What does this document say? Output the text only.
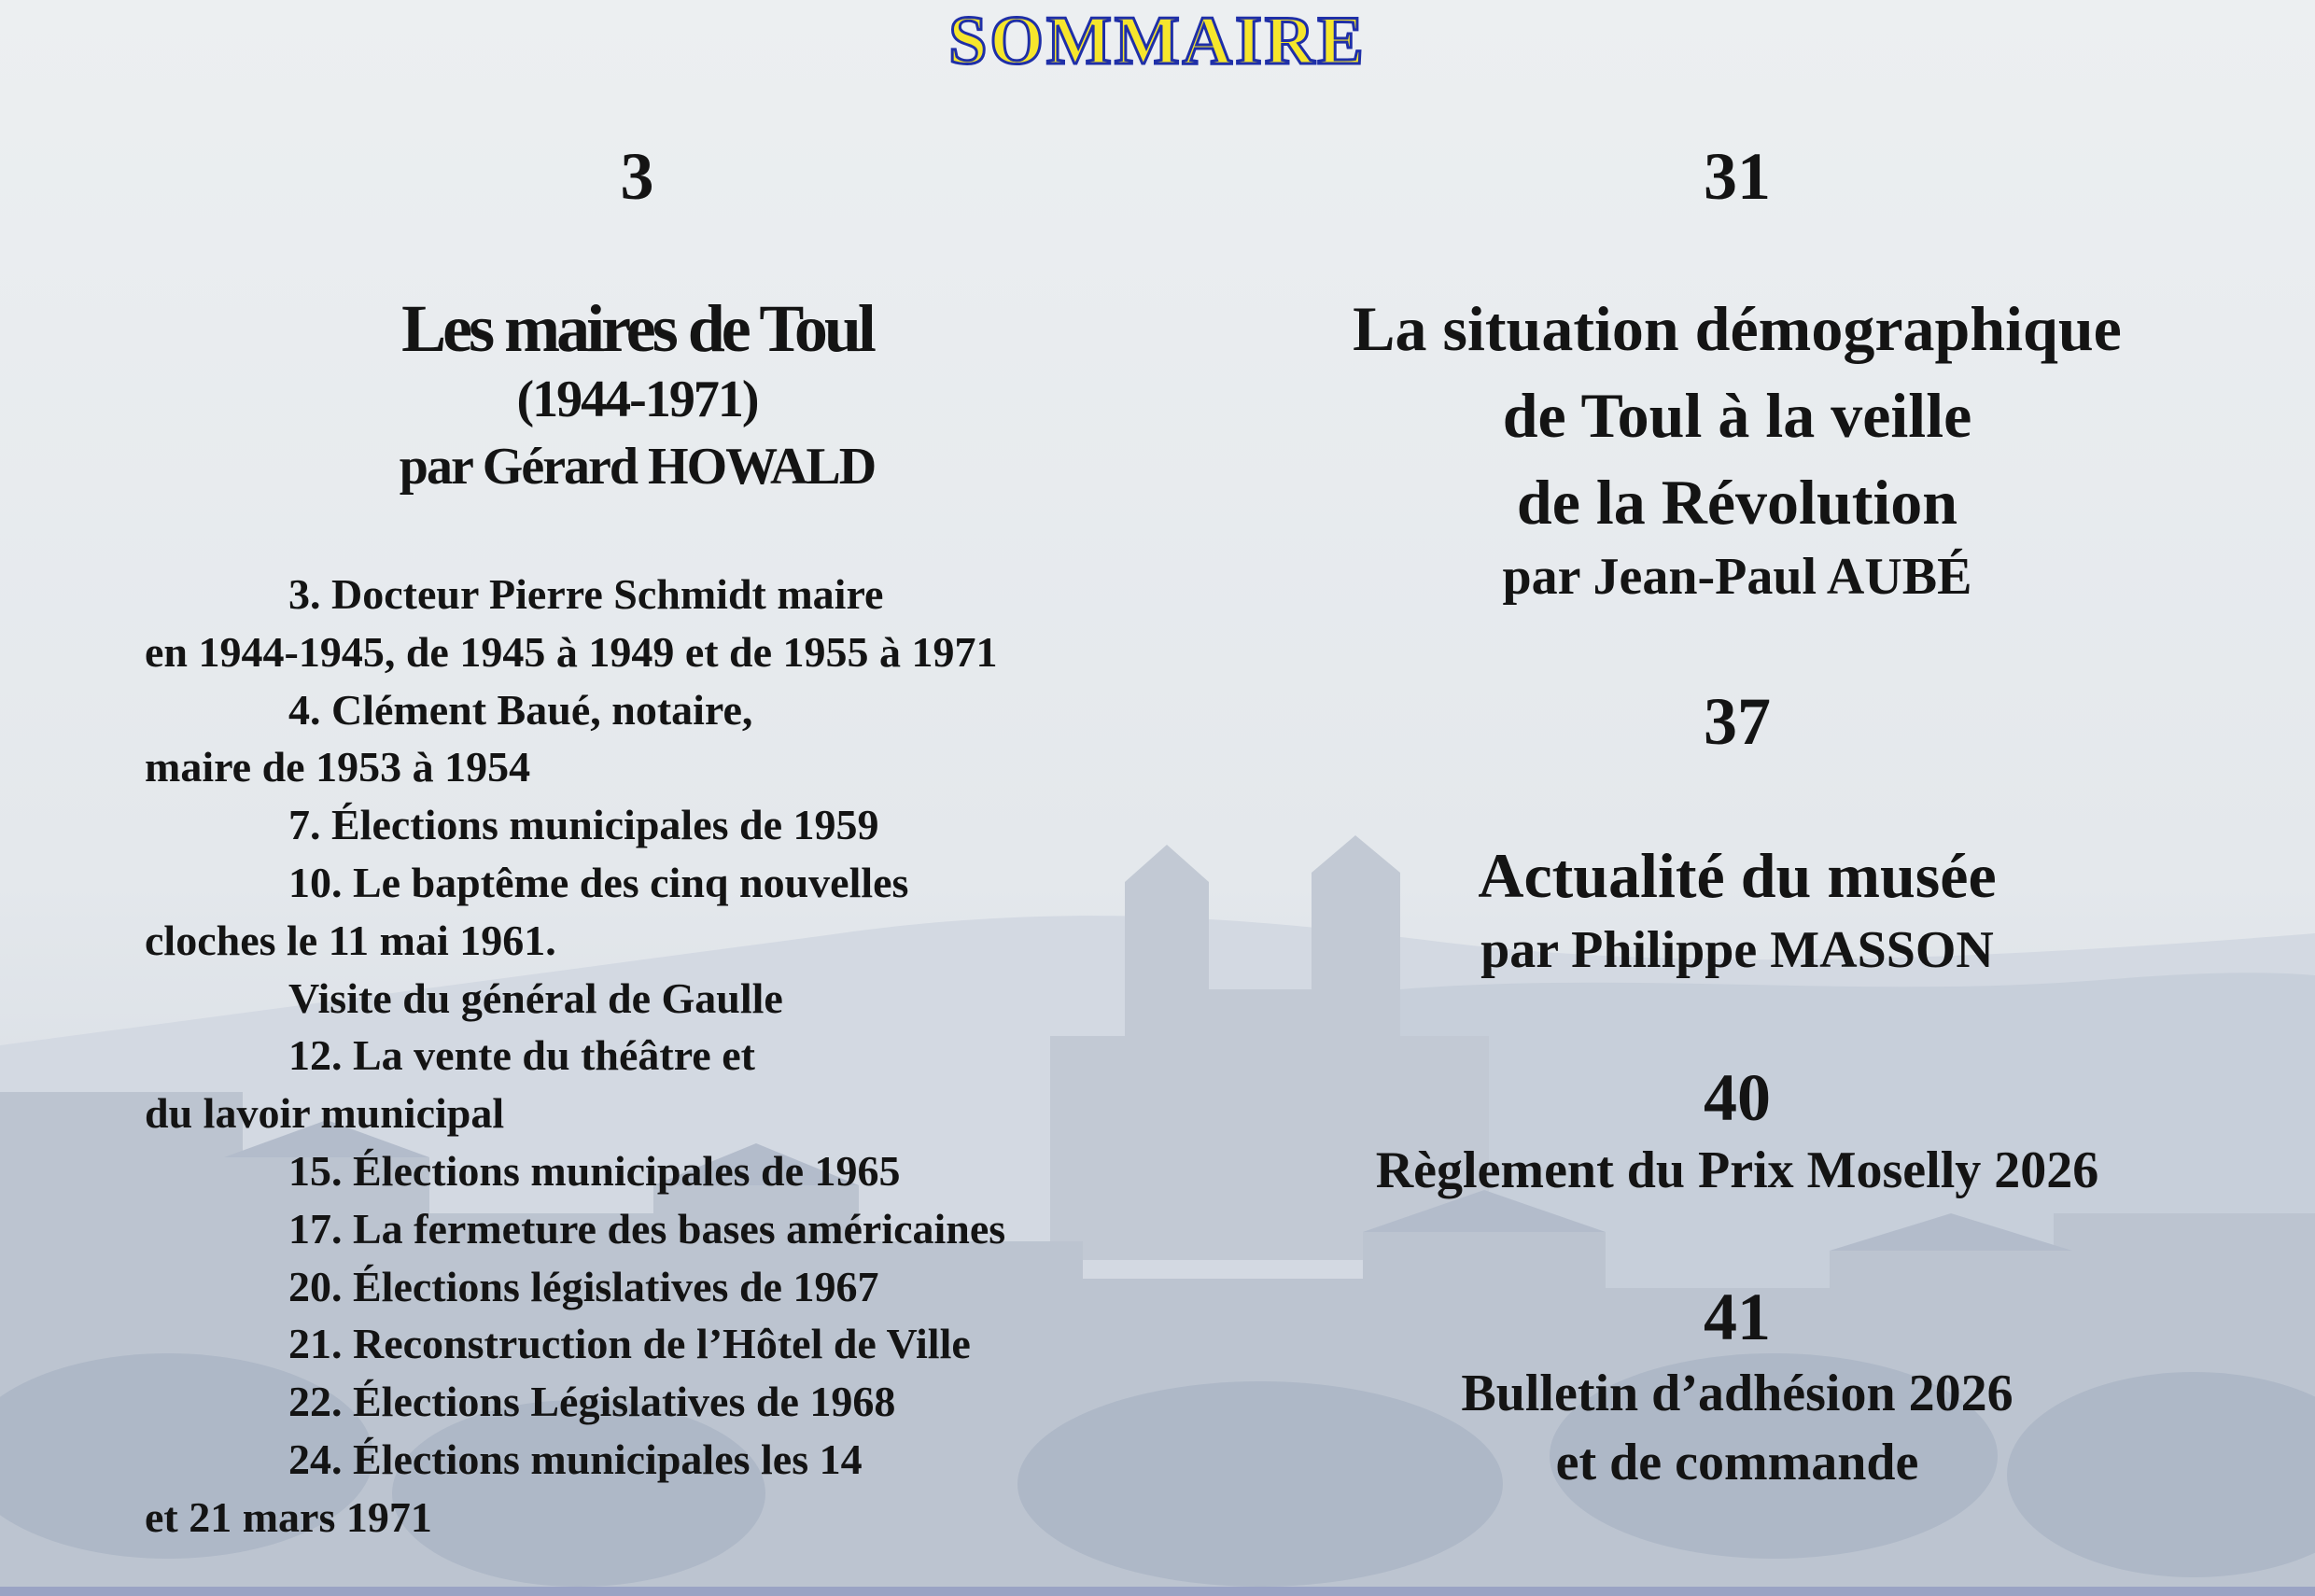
SOMMAIRE
3
Les maires de Toul
(1944-1971)
par Gérard HOWALD
3. Docteur Pierre Schmidt maire
en 1944-1945, de 1945 à 1949 et de 1955 à 1971
4. Clément Baué, notaire,
maire de 1953 à 1954
7. Élections municipales de 1959
10. Le baptême des cinq nouvelles
cloches le 11 mai 1961.
Visite du général de Gaulle
12. La vente du théâtre et
du lavoir municipal
15. Élections municipales de 1965
17. La fermeture des bases américaines
20. Élections législatives de 1967
21. Reconstruction de l’Hôtel de Ville
22. Élections Législatives de 1968
24. Élections municipales les 14
et 21 mars 1971
31
La situation démographique
de Toul à la veille
de la Révolution
par Jean-Paul AUBÉ
37
Actualité du musée
par Philippe MASSON
40
Règlement du Prix Moselly 2026
41
Bulletin d’adhésion 2026
et de commande
